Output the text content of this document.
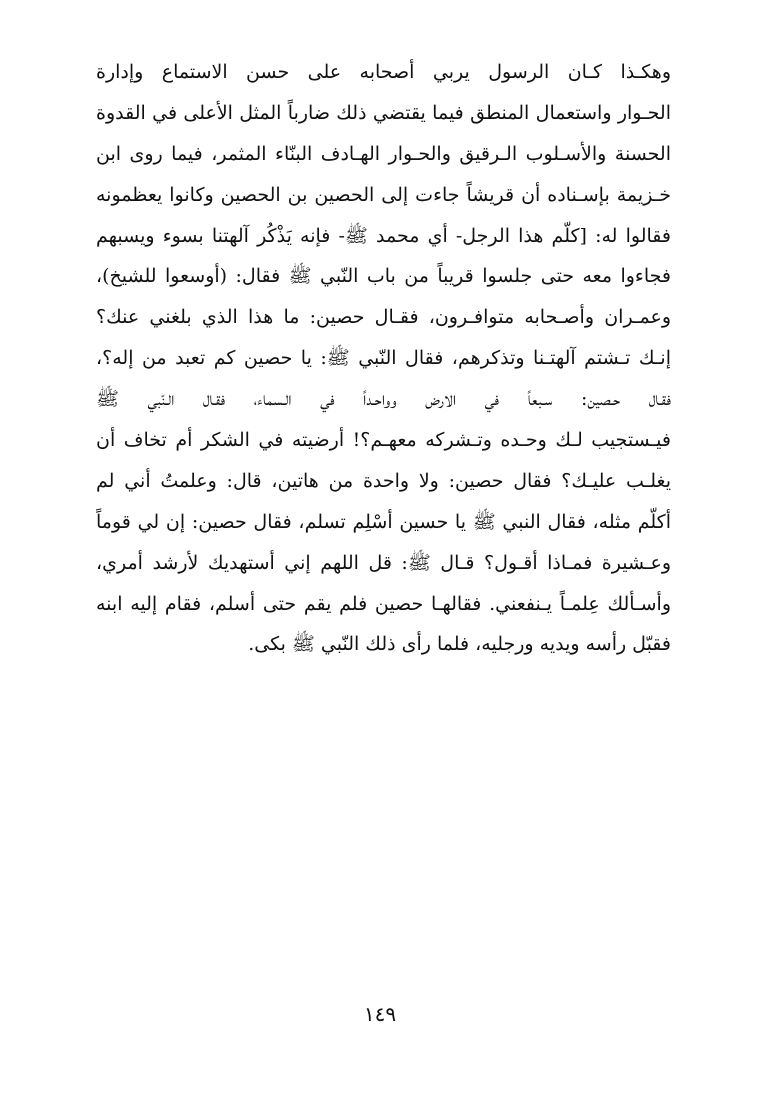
وهكـذا كـان الرسول يربي أصحابه على حسن الاستماع وإدارة
الحـوار واستعمال المنطق فيما يقتضي ذلك ضارباً المثل الأعلى في القدوة
الحسنة والأسـلوب الـرقيق والحـوار الهـادف البنّاء المثمر، فيما روى ابن
خـزيمة بإسـناده أن قريشاً جاءت إلى الحصين بن الحصين وكانوا يعظمونه
فقالوا له: [كلّم هذا الرجل- أي محمد ﷺ- فإنه يَذْكُر آلهتنا بسوء ويسبهم
فجاءوا معه حتى جلسوا قريباً من باب النّبي ﷺ فقال: (أوسعوا للشيخ)،
وعمـران وأصـحابه متوافـرون، فقـال حصين: ما هذا الذي بلغني عنك؟
إنـك تـشتم آلهتـنا وتذكرهم، فقال النّبي ﷺ: يا حصين كم تعبد من إله؟،
فقـال حـصين: سـبعاً في الارض وواحـداً في الـسماء، فقـال الـنّبي ﷺ
فيـستجيب لـك وحـده وتـشركه معهـم؟! أرضيته في الشكر أم تخاف أن
يغلـب عليـك؟ فقال حصين: ولا واحدة من هاتين، قال: وعلمتُ أني لم
أكلّم مثله، فقال النبي ﷺ يا حسين أسْلِم تسلم، فقال حصين: إن لي قوماً
وعـشيرة فمـاذا أقـول؟ قـال ﷺ: قل اللهم إني أستهديك لأرشد أمري،
وأسـألك عِلمـاً يـنفعني. فقالهـا حصين فلم يقم حتى أسلم، فقام إليه ابنه
فقبّل رأسه ويديه ورجليه، فلما رأى ذلك النّبي ﷺ بكى.
١٤٩
